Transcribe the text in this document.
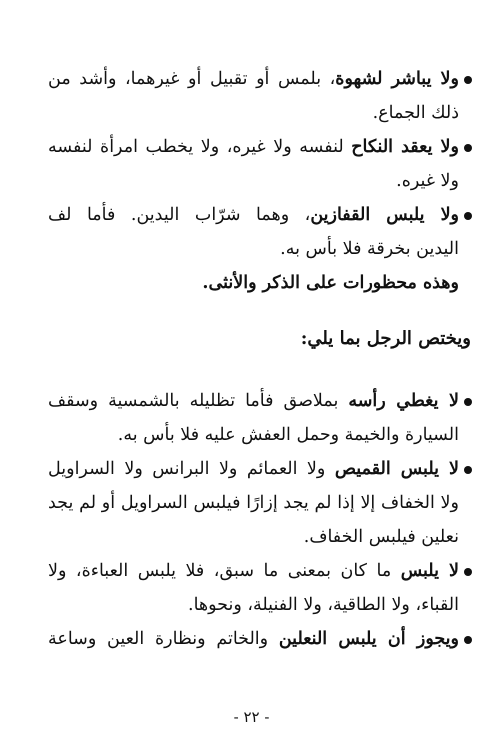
ولا يباشر لشهوة، بلمس أو تقبيل أو غيرهما، وأشد من
ذلك الجماع.
ولا يعقد النكاح لنفسه ولا غيره، ولا يخطب امرأة لنفسه
ولا غيره.
ولا يلبس القفازين، وهما شرّاب اليدين. فأما لف
اليدين بخرقة فلا بأس به.
وهذه محظورات على الذكر والأنثى.
ويختص الرجل بما يلي:
لا يغطي رأسه بملاصق فأما تظليله بالشمسية وسقف
السيارة والخيمة وحمل العفش عليه فلا بأس به.
لا يلبس القميص ولا العمائم ولا البرانس ولا السراويل
ولا الخفاف إلا إذا لم يجد إزارًا فيلبس السراويل أو لم يجد
نعلين فيلبس الخفاف.
لا يلبس ما كان بمعنى ما سبق، فلا يلبس العباءة، ولا
القباء، ولا الطاقية، ولا الفنيلة، ونحوها.
ويجوز أن يلبس النعلين والخاتم ونظارة العين وساعة
- ٢٢ -
